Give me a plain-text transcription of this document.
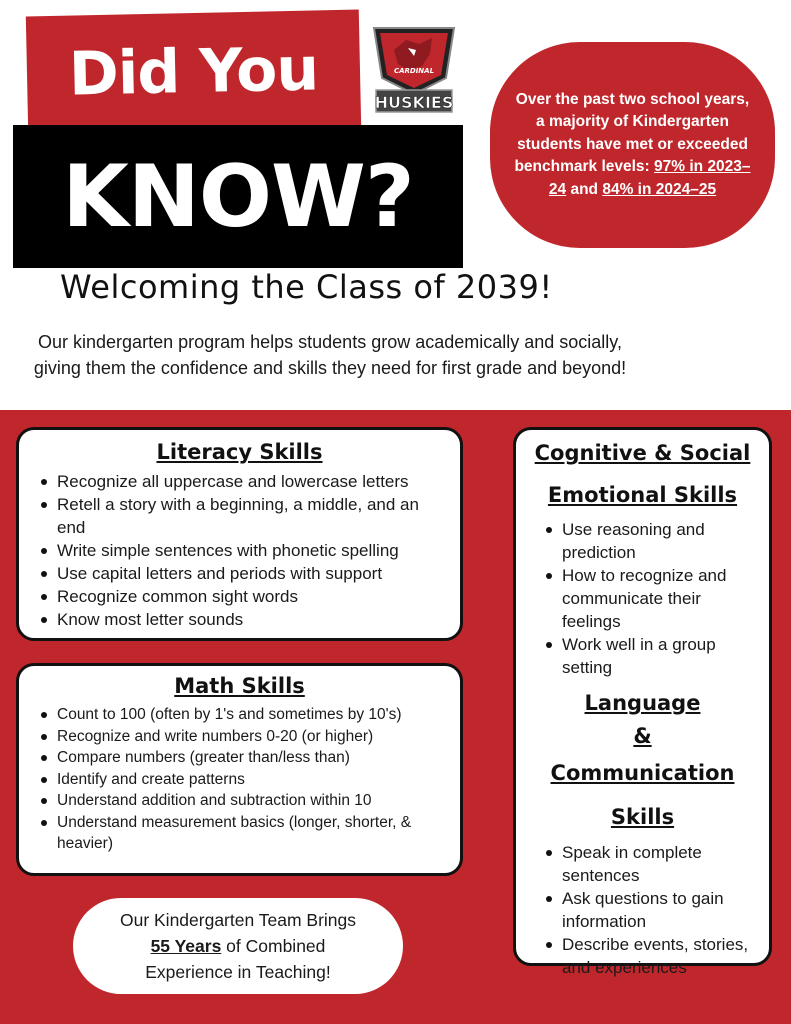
Did You
KNOW?
CARDINAL
HUSKIES	Over the past two school years, a majority of Kindergarten students have met or exceeded benchmark levels: 97% in 2023–24 and 84% in 2024–25
Welcoming the Class of 2039!
Our kindergarten program helps students grow academically and socially, giving them the confidence and skills they need for first grade and beyond!
Literacy Skills
Recognize all uppercase and lowercase letters
Retell a story with a beginning, a middle, and an end
Write simple sentences with phonetic spelling
Use capital letters and periods with support
Recognize common sight words
Know most letter sounds
Math Skills
Count to 100 (often by 1's and sometimes by 10's)
Recognize and write numbers 0-20 (or higher)
Compare numbers (greater than/less than)
Identify and create patterns
Understand addition and subtraction within 10
Understand measurement basics (longer, shorter, & heavier)
Cognitive & Social
Emotional Skills
Use reasoning and prediction
How to recognize and communicate their feelings
Work well in a group setting
Language
&
Communication Skills
Speak in complete sentences
Ask questions to gain information
Describe events, stories, and experiences
Our Kindergarten Team Brings
55 Years of Combined
Experience in Teaching!
